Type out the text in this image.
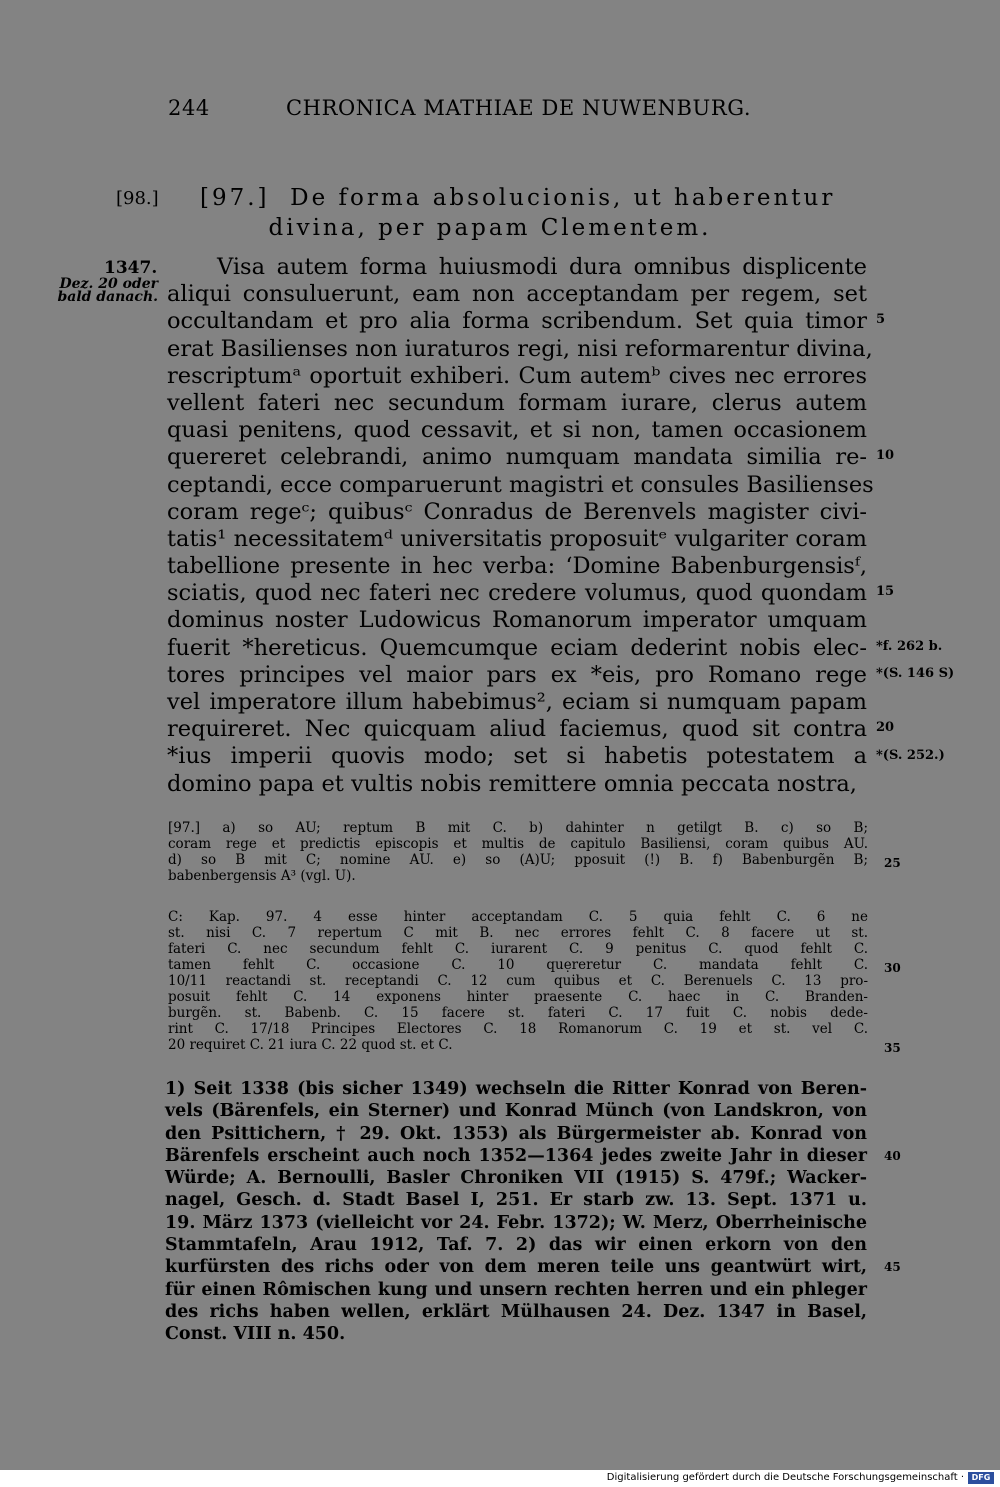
244	CHRONICA MATHIAE DE NUWENBURG.
[98.] [97.] De forma absolucionis, ut haberentur
divina, per papam Clementem.
1347.
Dez. 20 oder
bald danach.
Visa autem forma huiusmodi dura omnibus displicente
aliqui consuluerunt, eam non acceptandam per regem, set
occultandam et pro alia forma scribendum. Set quia timor
erat Basilienses non iuraturos regi, nisi reformarentur divina,
rescriptumᵃ oportuit exhiberi. Cum autemᵇ cives nec errores
vellent fateri nec secundum formam iurare, clerus autem
quasi penitens, quod cessavit, et si non, tamen occasionem
quereret celebrandi, animo numquam mandata similia re-
ceptandi, ecce comparuerunt magistri et consules Basilienses
coram regeᶜ; quibusᶜ Conradus de Berenvels magister civi-
tatis¹ necessitatemᵈ universitatis proposuitᵉ vulgariter coram
tabellione presente in hec verba: ‘Domine Babenburgensisᶠ,
sciatis, quod nec fateri nec credere volumus, quod quondam
dominus noster Ludowicus Romanorum imperator umquam
fuerit *hereticus. Quemcumque eciam dederint nobis elec-
tores principes vel maior pars ex *eis, pro Romano rege
vel imperatore illum habebimus², eciam si numquam papam
requireret. Nec quicquam aliud faciemus, quod sit contra
*ius imperii quovis modo; set si habetis potestatem a
domino papa et vultis nobis remittere omnia peccata nostra,
5
10
15
*f. 262 b.
*(S. 146 S)
20
*(S. 252.)
[97.] a) so AU; reptum B mit C. b) dahinter n getilgt B. c) so B;
coram rege et predictis episcopis et multis de capitulo Basiliensi, coram quibus AU.
d) so B mit C; nomine AU. e) so (A)U; pposuit (!) B. f) Babenburgẽn B;
babenbergensis A³ (vgl. U).
25
C: Kap. 97. 4 esse hinter acceptandam C. 5 quia fehlt C. 6 ne
st. nisi C. 7 repertum C mit B. nec errores fehlt C. 8 facere ut st.
fateri C. nec secundum fehlt C. iurarent C. 9 penitus C. quod fehlt C.
tamen fehlt C. occasione C. 10 quẹreretur C. mandata fehlt C.
10/11 reactandi st. receptandi C. 12 cum quibus et C. Berenuels C. 13 pro-
posuit fehlt C. 14 exponens hinter praesente C. haec in C. Branden-
burgẽn. st. Babenb. C. 15 facere st. fateri C. 17 fuit C. nobis dede-
rint C. 17/18 Principes Electores C. 18 Romanorum C. 19 et st. vel C.
20 requiret C. 21 iura C. 22 quod st. et C.
30
35
1) Seit 1338 (bis sicher 1349) wechseln die Ritter Konrad von Beren-
vels (Bärenfels, ein Sterner) und Konrad Münch (von Landskron, von
den Psittichern, † 29. Okt. 1353) als Bürgermeister ab. Konrad von
Bärenfels erscheint auch noch 1352—1364 jedes zweite Jahr in dieser
Würde; A. Bernoulli, Basler Chroniken VII (1915) S. 479f.; Wacker-
nagel, Gesch. d. Stadt Basel I, 251. Er starb zw. 13. Sept. 1371 u.
19. März 1373 (vielleicht vor 24. Febr. 1372); W. Merz, Oberrheinische
Stammtafeln, Arau 1912, Taf. 7. 2) das wir einen erkorn von den
kurfürsten des richs oder von dem meren teile uns geantwürt wirt,
für einen Rômischen kung und unsern rechten herren und ein phleger
des richs haben wellen, erklärt Mülhausen 24. Dez. 1347 in Basel,
Const. VIII n. 450.
40
45
Digitalisierung gefördert durch die Deutsche Forschungsgemeinschaft · DFG
